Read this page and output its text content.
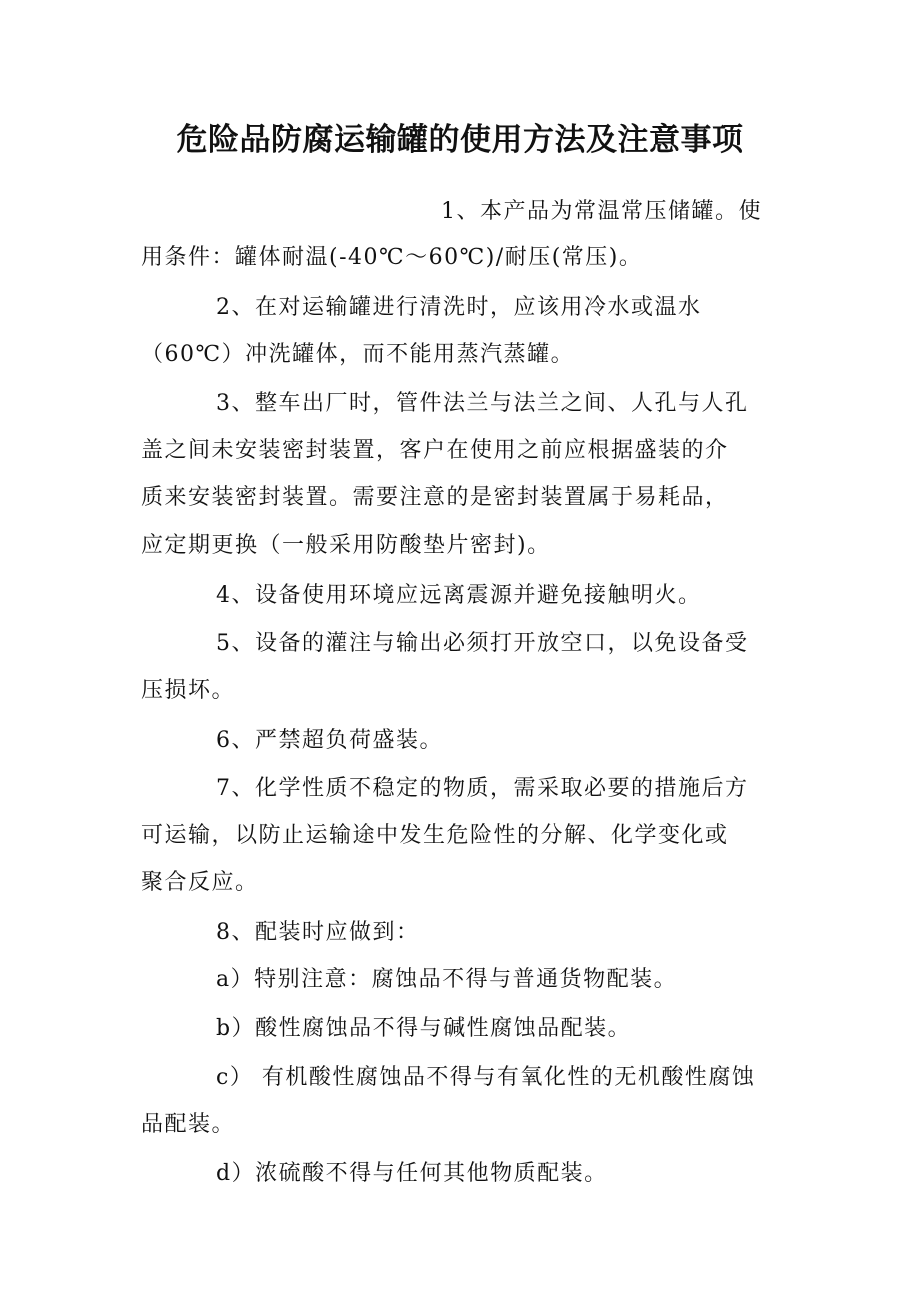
危险品防腐运输罐的使用方法及注意事项
1、本产品为常温常压储罐。使
用条件：罐体耐温(-40℃～60℃)/耐压(常压)。
2、在对运输罐进行清洗时，应该用冷水或温水
（60℃）冲洗罐体，而不能用蒸汽蒸罐。
3、整车出厂时，管件法兰与法兰之间、人孔与人孔
盖之间未安装密封装置，客户在使用之前应根据盛装的介
质来安装密封装置。需要注意的是密封装置属于易耗品，
应定期更换（一般采用防酸垫片密封)。
4、设备使用环境应远离震源并避免接触明火。
5、设备的灌注与输出必须打开放空口，以免设备受
压损坏。
6、严禁超负荷盛装。
7、化学性质不稳定的物质，需采取必要的措施后方
可运输，以防止运输途中发生危险性的分解、化学变化或
聚合反应。
8、配装时应做到：
a）特别注意：腐蚀品不得与普通货物配装。
b）酸性腐蚀品不得与碱性腐蚀品配装。
c） 有机酸性腐蚀品不得与有氧化性的无机酸性腐蚀
品配装。
d）浓硫酸不得与任何其他物质配装。
